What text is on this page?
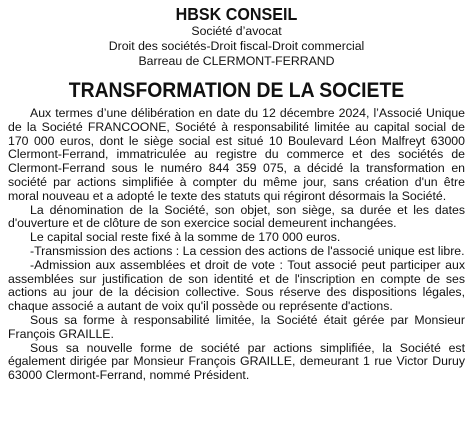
HBSK CONSEIL
Société d’avocat
Droit des sociétés-Droit fiscal-Droit commercial
Barreau de CLERMONT-FERRAND
TRANSFORMATION DE LA SOCIETE

Aux termes d’une délibération en date du 12 décembre 2024, l’Associé Unique de la Société FRANCOONE, Société à responsabilité limitée au capital social de 170 000 euros, dont le siège social est situé 10 Boulevard Léon Malfreyt 63000 Clermont-Ferrand, immatriculée au registre du commerce et des sociétés de Clermont-Ferrand sous le numéro 844 359 075, a décidé la transformation en société par actions simplifiée à compter du même jour, sans création d'un être moral nouveau et a adopté le texte des statuts qui régiront désormais la Société.

La dénomination de la Société, son objet, son siège, sa durée et les dates d'ouverture et de clôture de son exercice social demeurent inchangées.

Le capital social reste fixé à la somme de 170 000 euros.

-Transmission des actions : La cession des actions de l'associé unique est libre.

-Admission aux assemblées et droit de vote : Tout associé peut participer aux assemblées sur justification de son identité et de l'inscription en compte de ses actions au jour de la décision collective. Sous réserve des dispositions légales, chaque associé a autant de voix qu'il possède ou représente d'actions.

Sous sa forme à responsabilité limitée, la Société était gérée par Monsieur François GRAILLE.

Sous sa nouvelle forme de société par actions simplifiée, la Société est également dirigée par Monsieur François GRAILLE, demeurant 1 rue Victor Duruy 63000 Clermont-Ferrand, nommé Président.
